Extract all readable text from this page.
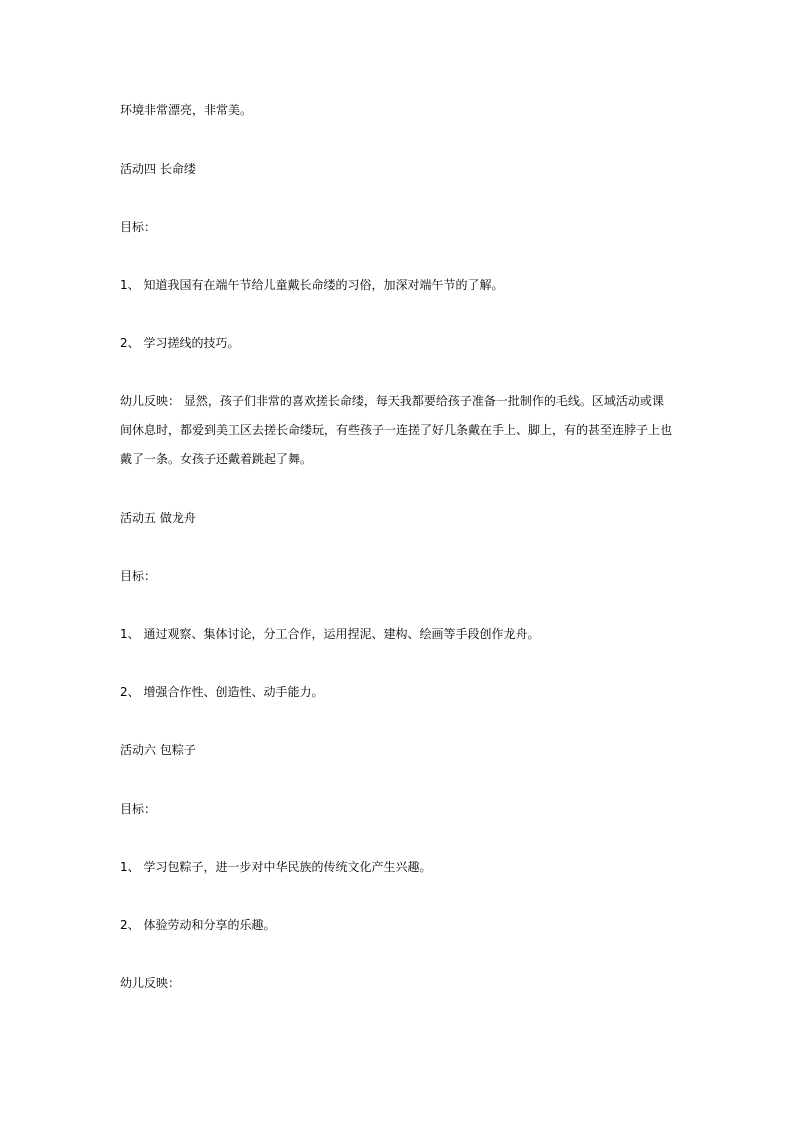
环境非常漂亮，非常美。
活动四 长命缕
目标：
1、 知道我国有在端午节给儿童戴长命缕的习俗，加深对端午节的了解。
2、 学习搓线的技巧。
幼儿反映： 显然，孩子们非常的喜欢搓长命缕，每天我都要给孩子准备一批制作的毛线。区域活动或课
间休息时，都爱到美工区去搓长命缕玩，有些孩子一连搓了好几条戴在手上、脚上，有的甚至连脖子上也
戴了一条。女孩子还戴着跳起了舞。
活动五 做龙舟
目标：
1、 通过观察、集体讨论，分工合作，运用捏泥、建构、绘画等手段创作龙舟。
2、 增强合作性、创造性、动手能力。
活动六 包粽子
目标：
1、 学习包粽子，进一步对中华民族的传统文化产生兴趣。
2、 体验劳动和分享的乐趣。
幼儿反映：
